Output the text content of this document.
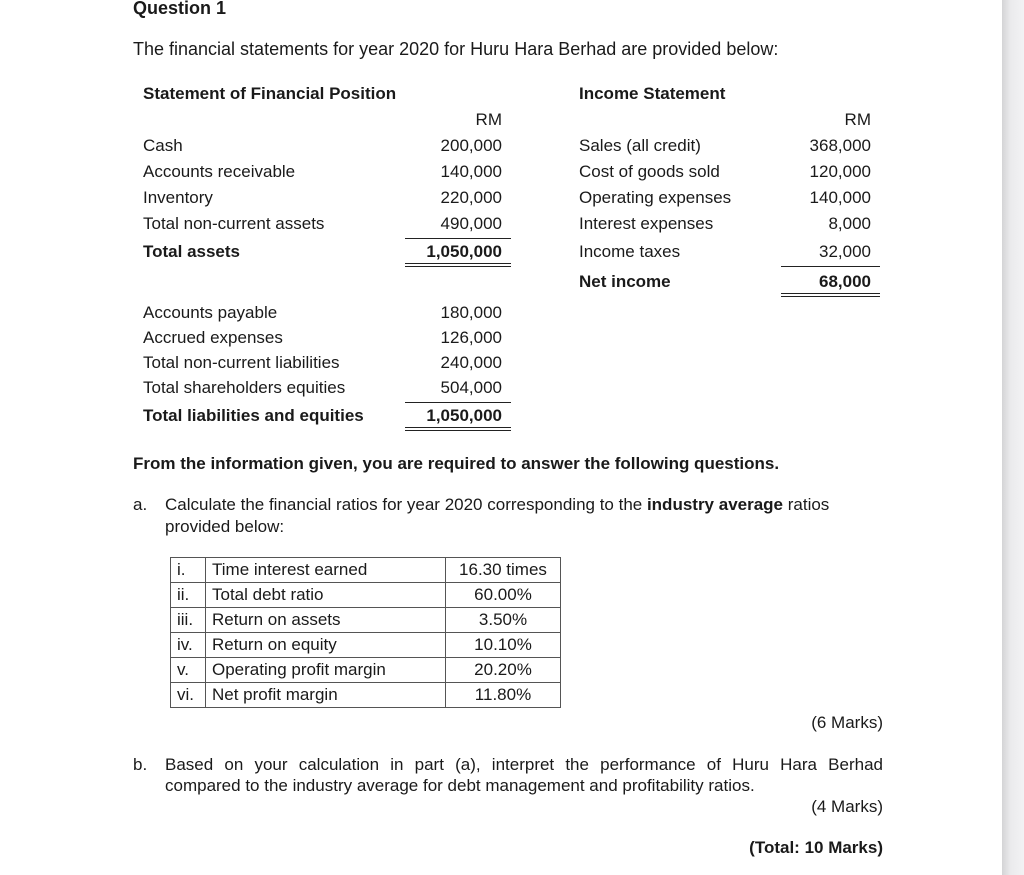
Question 1
The financial statements for year 2020 for Huru Hara Berhad are provided below:
Statement of Financial Position
RM
Cash	200,000
Accounts receivable	140,000
Inventory	220,000
Total non-current assets	490,000
Total assets	1,050,000
Accounts payable	180,000
Accrued expenses	126,000
Total non-current liabilities	240,000
Total shareholders equities	504,000
Total liabilities and equities	1,050,000
Income Statement
RM
Sales (all credit)	368,000
Cost of goods sold	120,000
Operating expenses	140,000
Interest expenses	8,000
Income taxes	32,000
Net income	68,000
From the information given, you are required to answer the following questions.
a. Calculate the financial ratios for year 2020 corresponding to the industry average ratios
provided below:
i.	Time interest earned	16.30 times
ii.	Total debt ratio	60.00%
iii.	Return on assets	3.50%
iv.	Return on equity	10.10%
v.	Operating profit margin	20.20%
vi.	Net profit margin	11.80%
(6 Marks)
b. Based on your calculation in part (a), interpret the performance of Huru Hara Berhad
compared to the industry average for debt management and profitability ratios.
(4 Marks)
(Total: 10 Marks)
